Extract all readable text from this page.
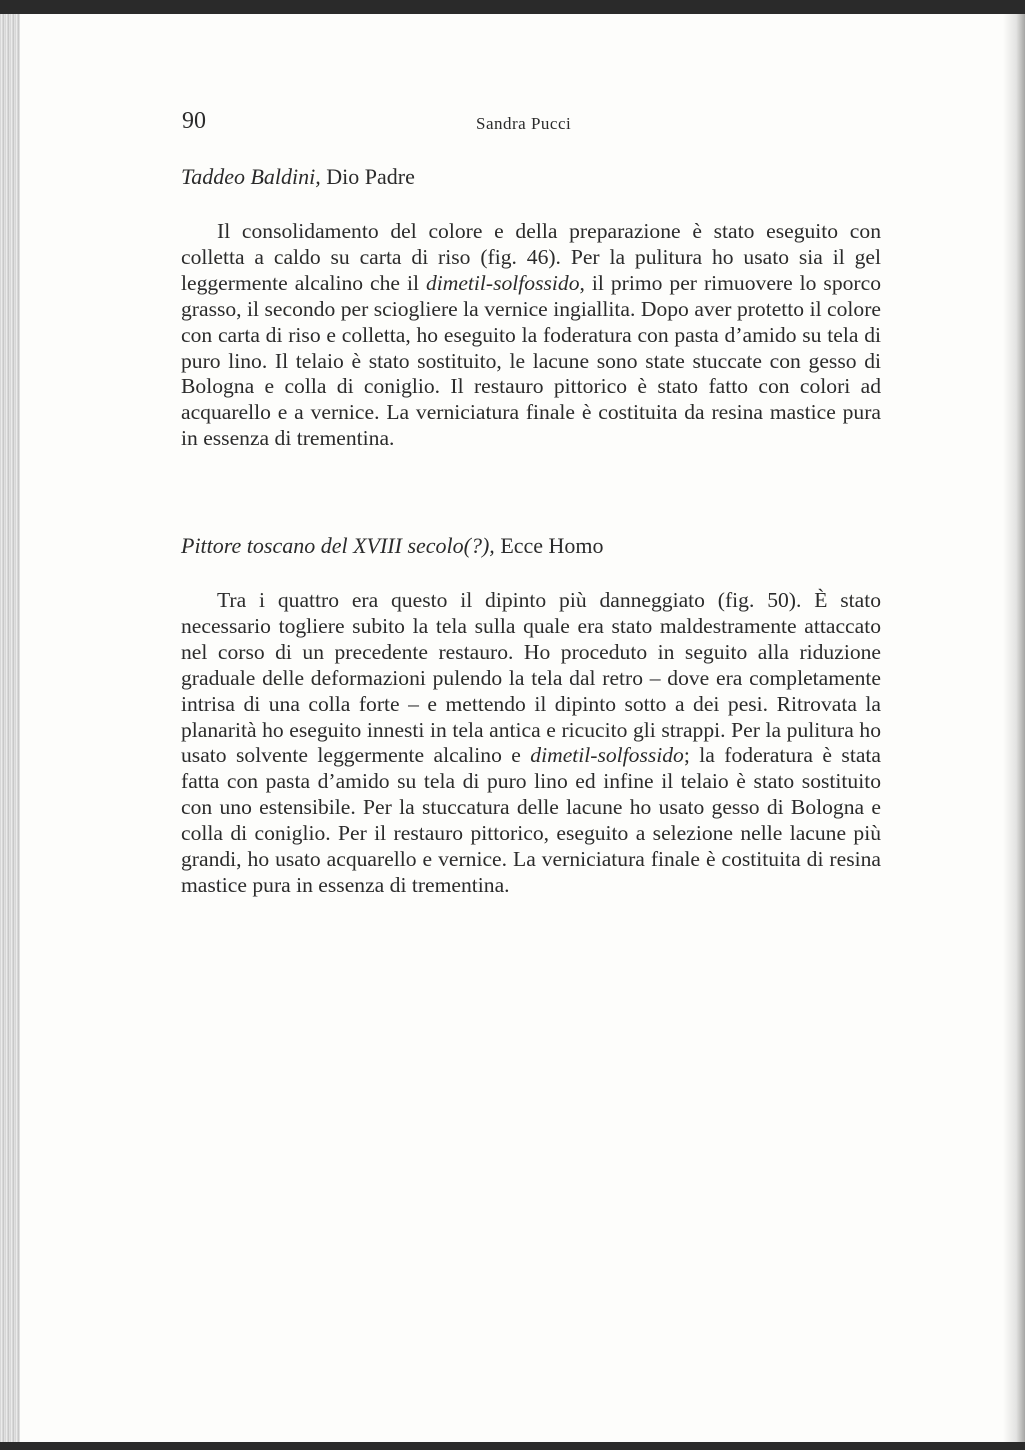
90	Sandra Pucci
Taddeo Baldini, Dio Padre

Il consolidamento del colore e della preparazione è stato eseguito con colletta a caldo su carta di riso (fig. 46). Per la pulitura ho usato sia il gel leggermente alcalino che il dimetil-solfossido, il primo per rimuovere lo sporco grasso, il secondo per sciogliere la vernice ingiallita. Dopo aver protetto il colore con carta di riso e colletta, ho eseguito la foderatura con pasta d’amido su tela di puro lino. Il telaio è stato sostituito, le lacune sono state stuccate con gesso di Bologna e colla di coniglio. Il restauro pittorico è stato fatto con colori ad acquarello e a vernice. La verniciatura finale è costituita da resina mastice pura in essenza di trementina.

Pittore toscano del XVIII secolo(?), Ecce Homo

Tra i quattro era questo il dipinto più danneggiato (fig. 50). È stato necessario togliere subito la tela sulla quale era stato maldestramente attaccato nel corso di un precedente restauro. Ho proceduto in seguito alla riduzione graduale delle deformazioni pulendo la tela dal retro – dove era completamente intrisa di una colla forte – e mettendo il dipinto sotto a dei pesi. Ritrovata la planarità ho eseguito innesti in tela antica e ricucito gli strappi. Per la pulitura ho usato solvente leggermente alcalino e dimetil-solfossido; la foderatura è stata fatta con pasta d’amido su tela di puro lino ed infine il telaio è stato sostituito con uno estensibile. Per la stuccatura delle lacune ho usato gesso di Bologna e colla di coniglio. Per il restauro pittorico, eseguito a selezione nelle lacune più grandi, ho usato acquarello e vernice. La verniciatura finale è costituita di resina mastice pura in essenza di trementina.
